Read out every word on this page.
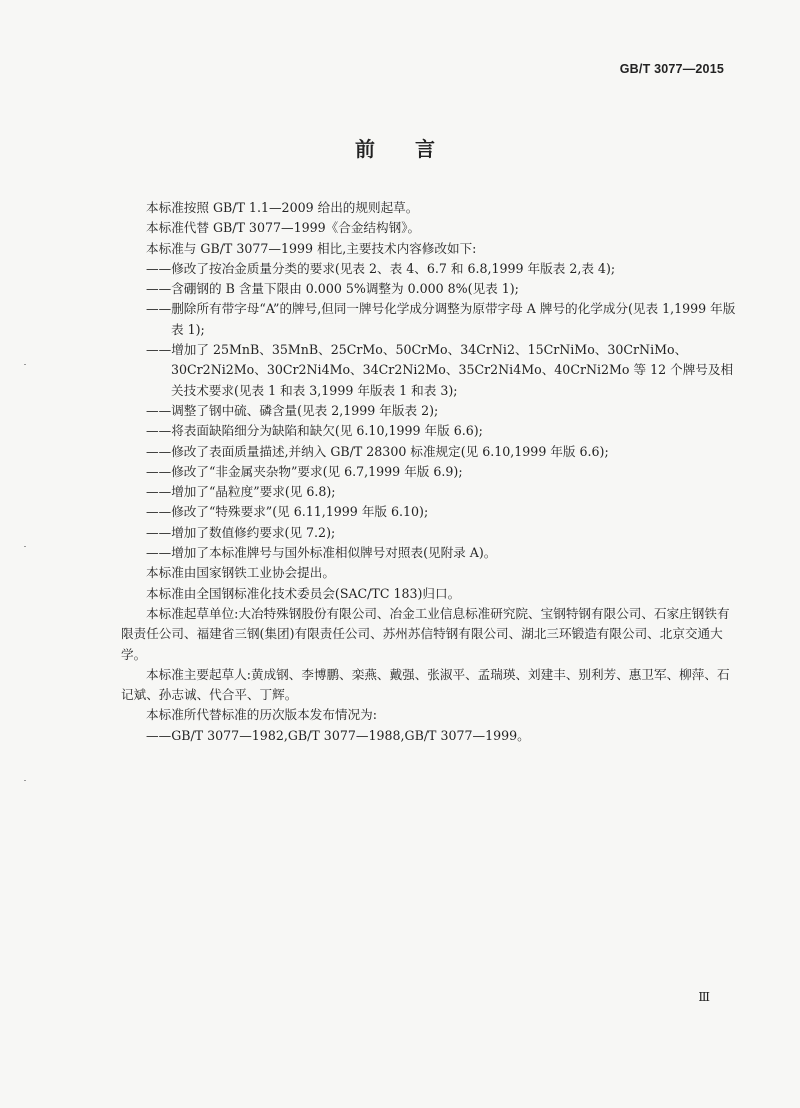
GB/T 3077—2015
前言

本标准按照 GB/T 1.1—2009 给出的规则起草。

本标准代替 GB/T 3077—1999《合金结构钢》。

本标准与 GB/T 3077—1999 相比,主要技术内容修改如下:

——修改了按冶金质量分类的要求(见表 2、表 4、6.7 和 6.8,1999 年版表 2,表 4);

——含硼钢的 B 含量下限由 0.000 5%调整为 0.000 8%(见表 1);

——删除所有带字母“A”的牌号,但同一牌号化学成分调整为原带字母 A 牌号的化学成分(见表 1,1999 年版表 1);

——增加了 25MnB、35MnB、25CrMo、50CrMo、34CrNi2、15CrNiMo、30CrNiMo、30Cr2Ni2Mo、30Cr2Ni4Mo、34Cr2Ni2Mo、35Cr2Ni4Mo、40CrNi2Mo 等 12 个牌号及相关技术要求(见表 1 和表 3,1999 年版表 1 和表 3);

——调整了钢中硫、磷含量(见表 2,1999 年版表 2);

——将表面缺陷细分为缺陷和缺欠(见 6.10,1999 年版 6.6);

——修改了表面质量描述,并纳入 GB/T 28300 标准规定(见 6.10,1999 年版 6.6);

——修改了“非金属夹杂物”要求(见 6.7,1999 年版 6.9);

——增加了“晶粒度”要求(见 6.8);

——修改了“特殊要求”(见 6.11,1999 年版 6.10);

——增加了数值修约要求(见 7.2);

——增加了本标准牌号与国外标准相似牌号对照表(见附录 A)。

本标准由国家钢铁工业协会提出。

本标准由全国钢标准化技术委员会(SAC/TC 183)归口。

本标准起草单位:大冶特殊钢股份有限公司、冶金工业信息标准研究院、宝钢特钢有限公司、石家庄钢铁有限责任公司、福建省三钢(集团)有限责任公司、苏州苏信特钢有限公司、湖北三环锻造有限公司、北京交通大学。

本标准主要起草人:黄成钢、李博鹏、栾燕、戴强、张淑平、孟瑞瑛、刘建丰、别利芳、惠卫军、柳萍、石记斌、孙志诚、代合平、丁辉。

本标准所代替标准的历次版本发布情况为:

——GB/T 3077—1982,GB/T 3077—1988,GB/T 3077—1999。

Ⅲ
